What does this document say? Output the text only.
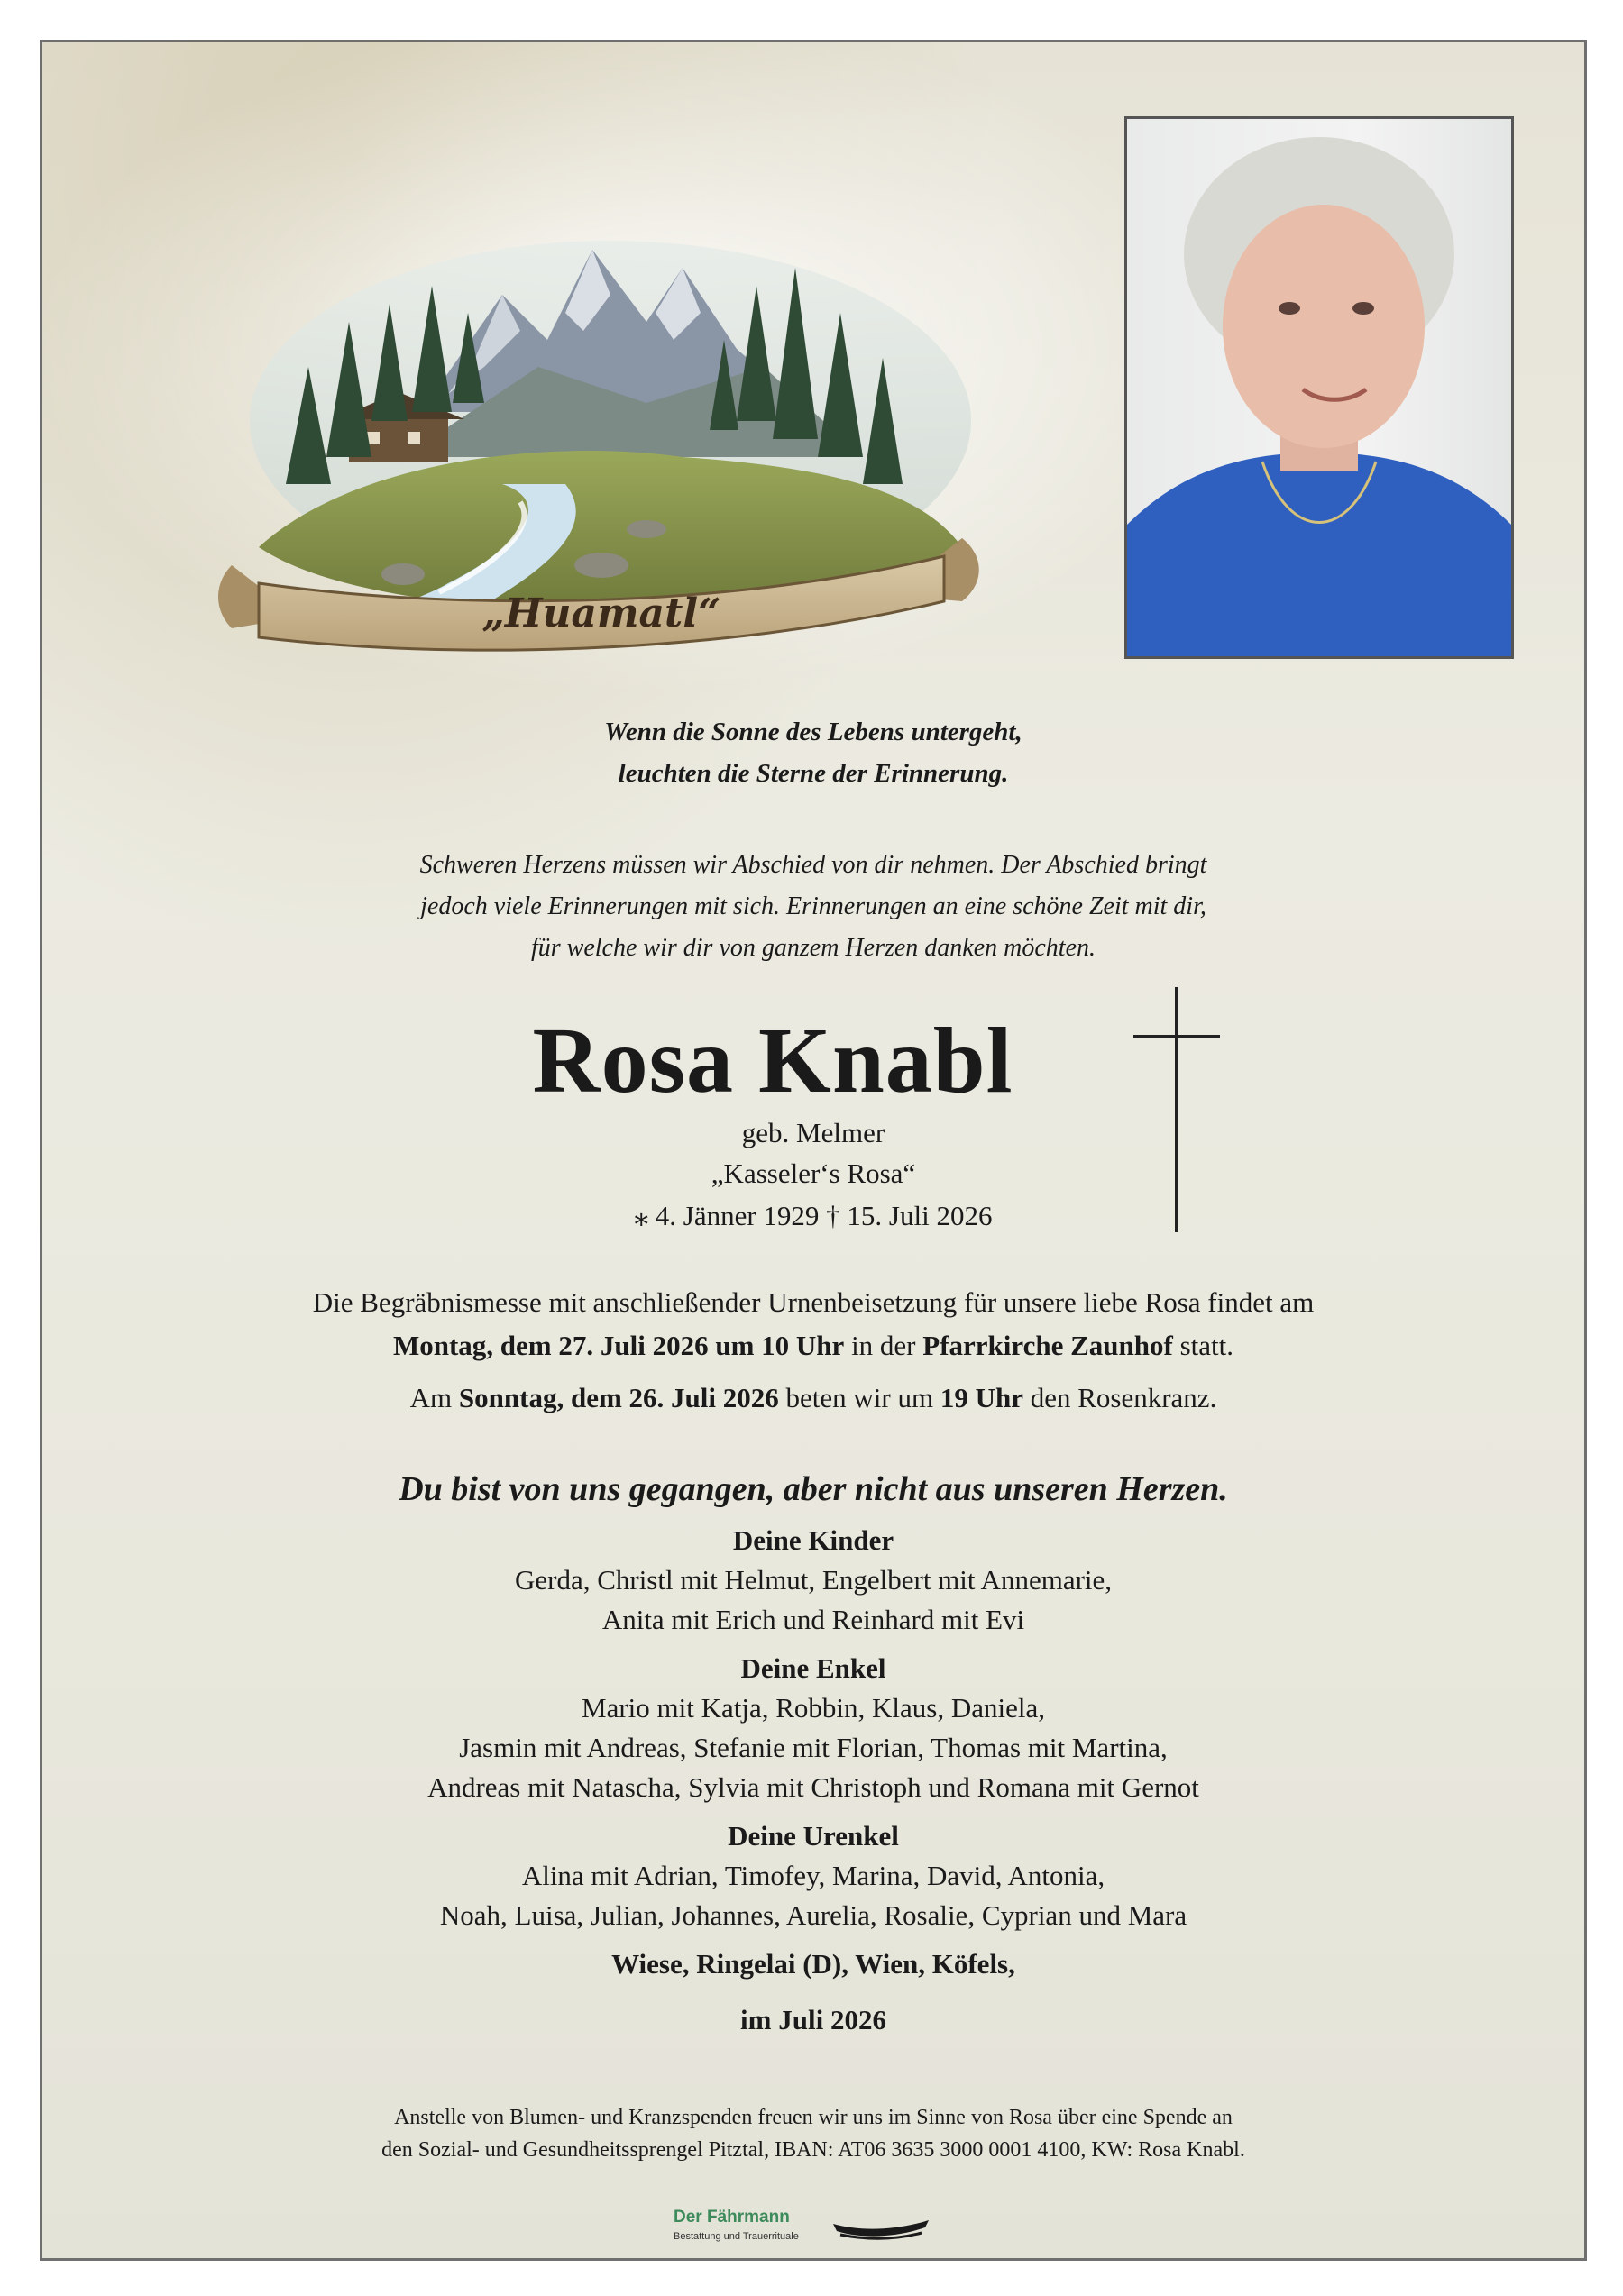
„Huamatl“
Wenn die Sonne des Lebens untergeht,
leuchten die Sterne der Erinnerung.
Schweren Herzens müssen wir Abschied von dir nehmen. Der Abschied bringt
jedoch viele Erinnerungen mit sich. Erinnerungen an eine schöne Zeit mit dir,
für welche wir dir von ganzem Herzen danken möchten.
Rosa Knabl
geb. Melmer
„Kasseler‘s Rosa“
⁎ 4. Jänner 1929 † 15. Juli 2026
Die Begräbnismesse mit anschließender Urnenbeisetzung für unsere liebe Rosa findet am
Montag, dem 27. Juli 2026 um 10 Uhr in der Pfarrkirche Zaunhof statt.
Am Sonntag, dem 26. Juli 2026 beten wir um 19 Uhr den Rosenkranz.
Du bist von uns gegangen, aber nicht aus unseren Herzen.
Deine Kinder
Gerda, Christl mit Helmut, Engelbert mit Annemarie,
Anita mit Erich und Reinhard mit Evi
Deine Enkel
Mario mit Katja, Robbin, Klaus, Daniela,
Jasmin mit Andreas, Stefanie mit Florian, Thomas mit Martina,
Andreas mit Natascha, Sylvia mit Christoph und Romana mit Gernot
Deine Urenkel
Alina mit Adrian, Timofey, Marina, David, Antonia,
Noah, Luisa, Julian, Johannes, Aurelia, Rosalie, Cyprian und Mara
Wiese, Ringelai (D), Wien, Köfels,
im Juli 2026
Anstelle von Blumen- und Kranzspenden freuen wir uns im Sinne von Rosa über eine Spende an
den Sozial- und Gesundheitssprengel Pitztal, IBAN: AT06 3635 3000 0001 4100, KW: Rosa Knabl.
Der Fährmann
Bestattung und Trauerrituale
